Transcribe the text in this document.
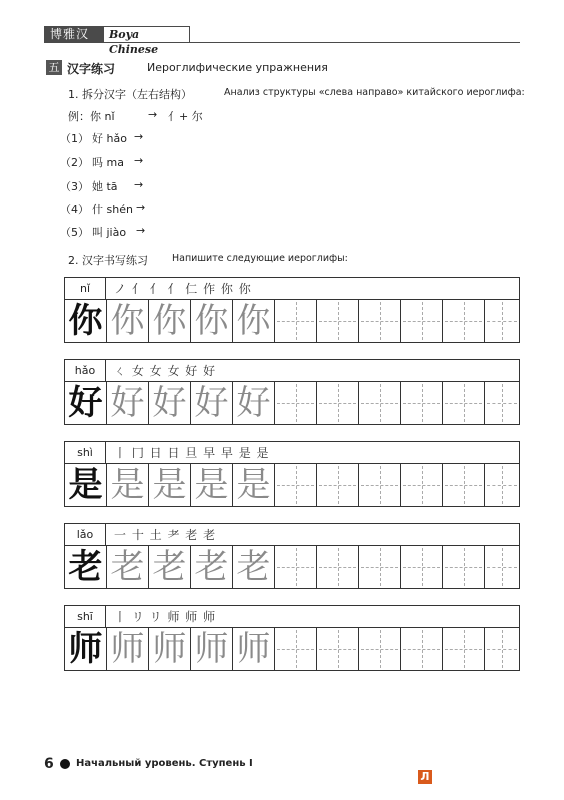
博雅汉语
Boya Chinese
五 汉字练习	Иероглифические упражнения
1. 拆分汉字（左右结构）	Анализ структуры «слева направо» китайского иероглифа:
例：你 nǐ	→ 亻+ 尔
（1） 好 hǎo →
（2） 吗 ma →
（3） 她 tā →
（4） 什 shén →
（5） 叫 jiào →
2. 汉字书写练习	Напишите следующие иероглифы:
nǐ	ノ 亻 亻 亻 仁 作 你 你
你 你 你 你 你
hǎo	ㄑ 女 女 女 好 好
好 好 好 好 好
shì	丨 冂 日 日 旦 早 早 是 是
是 是 是 是 是
lǎo	一 十 土 耂 老 老
老 老 老 老 老
shī	丨 リ リ 师 师 师
师 师 师 师 师
6 Начальный уровень. Ступень I
Л
